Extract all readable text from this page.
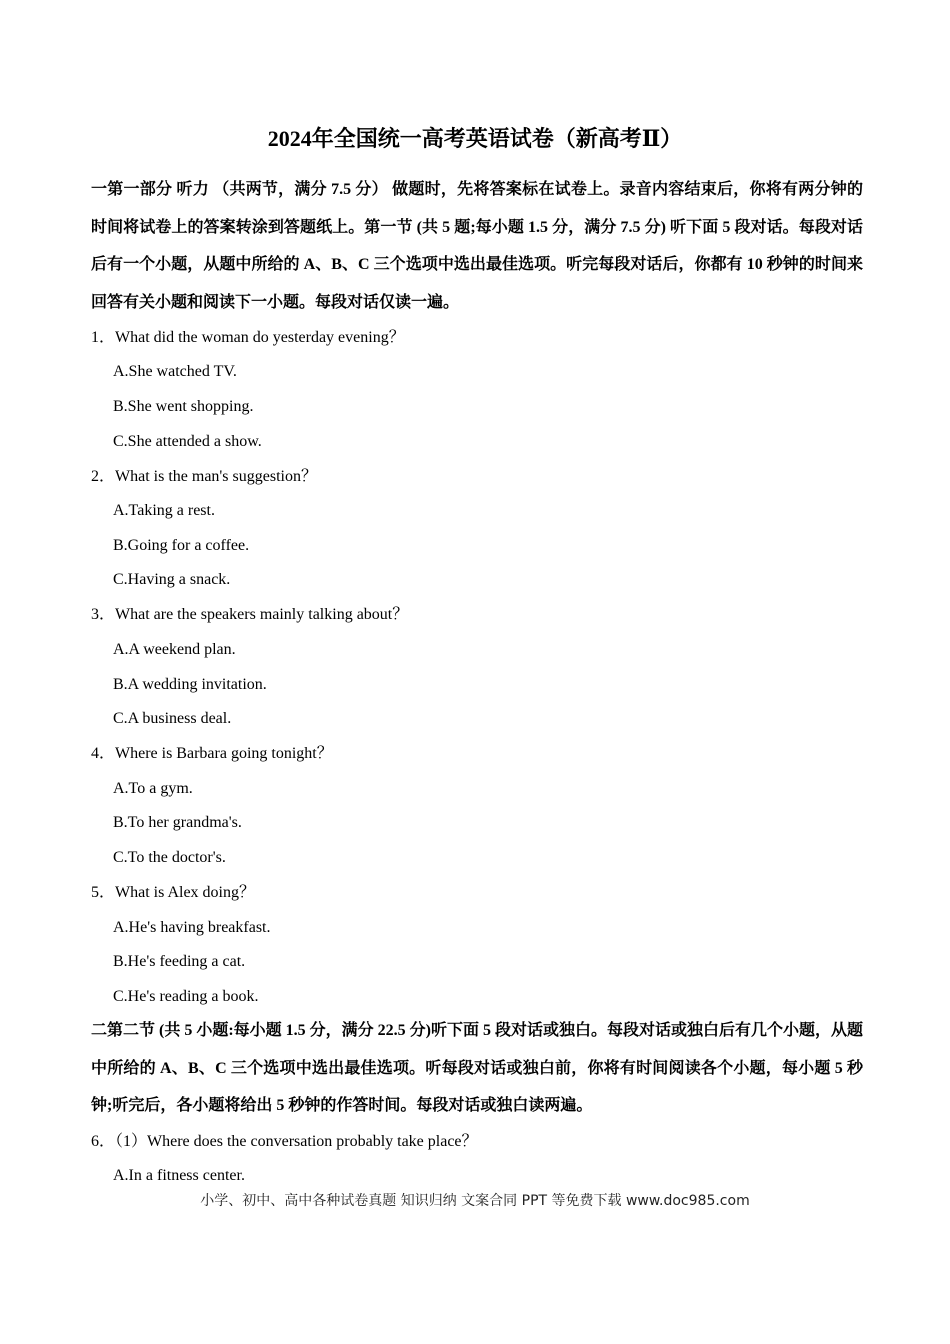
2024年全国统一高考英语试卷（新高考Ⅱ）
一第一部分 听力 （共两节，满分 7.5 分） 做题时，先将答案标在试卷上。录音内容结束后，你将有两分钟的时间将试卷上的答案转涂到答题纸上。第一节 (共 5 题;每小题 1.5 分，满分 7.5 分) 听下面 5 段对话。每段对话后有一个小题，从题中所给的 A、B、C 三个选项中选出最佳选项。听完每段对话后，你都有 10 秒钟的时间来回答有关小题和阅读下一小题。每段对话仅读一遍。
1．What did the woman do yesterday evening？
A.She watched TV.
B.She went shopping.
C.She attended a show.
2．What is the man's suggestion？
A.Taking a rest.
B.Going for a coffee.
C.Having a snack.
3．What are the speakers mainly talking about？
A.A weekend plan.
B.A wedding invitation.
C.A business deal.
4．Where is Barbara going tonight？
A.To a gym.
B.To her grandma's.
C.To the doctor's.
5．What is Alex doing？
A.He's having breakfast.
B.He's feeding a cat.
C.He's reading a book.
二第二节 (共 5 小题:每小题 1.5 分，满分 22.5 分)听下面 5 段对话或独白。每段对话或独白后有几个小题，从题中所给的 A、B、C 三个选项中选出最佳选项。听每段对话或独白前，你将有时间阅读各个小题，每小题 5 秒钟;听完后，各小题将给出 5 秒钟的作答时间。每段对话或独白读两遍。
6．（1）Where does the conversation probably take place？
A.In a fitness center.
小学、初中、高中各种试卷真题 知识归纳 文案合同 PPT 等免费下载 www.doc985.com
